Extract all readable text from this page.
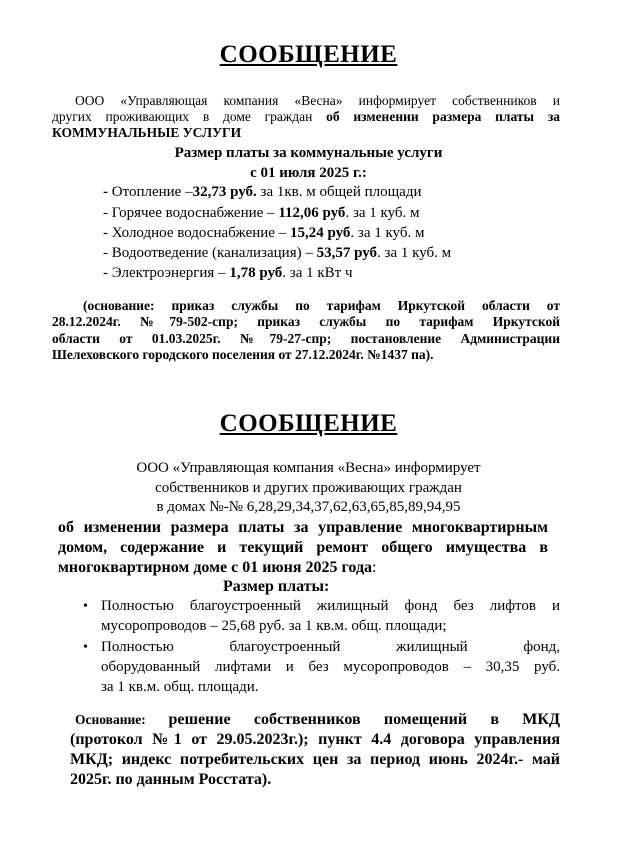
СООБЩЕНИЕ
ООО «Управляющая компания «Весна» информирует собственников и
других проживающих в доме граждан об изменении размера платы за
КОММУНАЛЬНЫЕ УСЛУГИ
Размер платы за коммунальные услуги
с 01 июля 2025 г.:
- Отопление –32,73 руб. за 1кв. м общей площади
- Горячее водоснабжение – 112,06 руб. за 1 куб. м
- Холодное водоснабжение – 15,24 руб. за 1 куб. м
- Водоотведение (канализация) – 53,57 руб. за 1 куб. м
- Электроэнергия – 1,78 руб. за 1 кВт ч
(основание: приказ службы по тарифам Иркутской области от
28.12.2024г. №79-502-спр; приказ службы по тарифам Иркутской
области от 01.03.2025г. №79-27-спр; постановление Администрации
Шелеховского городского поселения от 27.12.2024г. №1437 па).
СООБЩЕНИЕ
ООО «Управляющая компания «Весна» информирует
собственников и других проживающих граждан
в домах №-№ 6,28,29,34,37,62,63,65,85,89,94,95
об изменении размера платы за управление многоквартирным
домом, содержание и текущий ремонт общего имущества в
многоквартирном доме с 01 июня 2025 года:
Размер платы:
• Полностью благоустроенный жилищный фонд без лифтов и
мусоропроводов – 25,68 руб. за 1 кв.м. общ. площади;
• Полностью благоустроенный жилищный фонд,
оборудованный лифтами и без мусоропроводов – 30,35 руб.
за 1 кв.м. общ. площади.
Основание: решение собственников помещений в МКД
(протокол №1 от 29.05.2023г.); пункт 4.4 договора управления
МКД; индекс потребительских цен за период июнь 2024г.- май
2025г. по данным Росстата).
